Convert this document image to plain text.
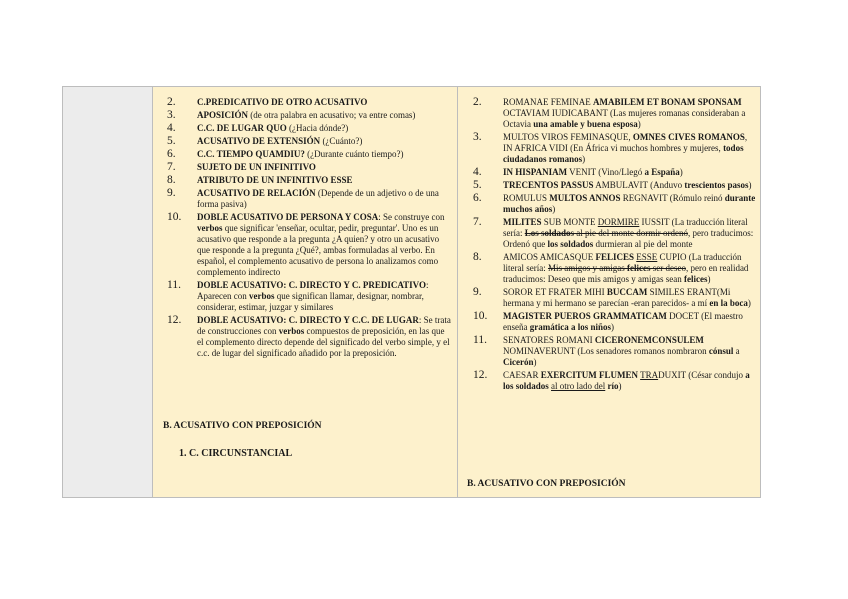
2.	C.PREDICATIVO DE OTRO ACUSATIVO
3.	APOSICIÓN (de otra palabra en acusativo; va entre comas)
4.	C.C. DE LUGAR QUO (¿Hacia dónde?)
5.	ACUSATIVO DE EXTENSIÓN (¿Cuánto?)
6.	C.C. TIEMPO QUAMDIU? (¿Durante cuánto tiempo?)
7.	SUJETO DE UN INFINITIVO
8.	ATRIBUTO DE UN INFINITIVO ESSE
9.	ACUSATIVO DE RELACIÓN (Depende de un adjetivo o de una forma pasiva)
10.	DOBLE ACUSATIVO DE PERSONA Y COSA: Se construye con verbos que significar 'enseñar, ocultar, pedir, preguntar'. Uno es un acusativo que responde a la pregunta ¿A quien? y otro un acusativo que responde a la pregunta ¿Qué?, ambas formuladas al verbo. En español, el complemento acusativo de persona lo analizamos como complemento indirecto
11.	DOBLE ACUSATIVO: C. DIRECTO Y C. PREDICATIVO: Aparecen con verbos que significan llamar, designar, nombrar, considerar, estimar, juzgar y similares
12.	DOBLE ACUSATIVO: C. DIRECTO Y C.C. DE LUGAR: Se trata de construcciones con verbos compuestos de preposición, en las que el complemento directo depende del significado del verbo simple, y el c.c. de lugar del significado añadido por la preposición.
B. ACUSATIVO CON PREPOSICIÓN
1. C. CIRCUNSTANCIAL
2.	ROMANAE FEMINAE AMABILEM ET BONAM SPONSAM OCTAVIAM IUDICABANT (Las mujeres romanas consideraban a Octavia una amable y buena esposa)
3.	MULTOS VIROS FEMINASQUE, OMNES CIVES ROMANOS, IN AFRICA VIDI (En África vi muchos hombres y mujeres, todos ciudadanos romanos)
4.	IN HISPANIAM VENIT (Vino/Llegó a España)
5.	TRECENTOS PASSUS AMBULAVIT (Anduvo trescientos pasos)
6.	ROMULUS MULTOS ANNOS REGNAVIT (Rómulo reinó durante muchos años)
7.	MILITES SUB MONTE DORMIRE IUSSIT (La traducción literal sería: Los soldados al pie del monte dormir ordenó, pero traducimos: Ordenó que los soldados durmieran al pie del monte
8.	AMICOS AMICASQUE FELICES ESSE CUPIO (La traducción literal sería: Mis amigos y amigas felices ser deseo, pero en realidad traducimos: Deseo que mis amigos y amigas sean felices)
9.	SOROR ET FRATER MIHI BUCCAM SIMILES ERANT(Mi hermana y mi hermano se parecían -eran parecidos- a mí en la boca)
10.	MAGISTER PUEROS GRAMMATICAM DOCET (El maestro enseña gramática a los niños)
11.	SENATORES ROMANI CICERONEMCONSULEM NOMINAVERUNT (Los senadores romanos nombraron cónsul a Cicerón)
12.	CAESAR EXERCITUM FLUMEN TRADUXIT (César condujo a los soldados al otro lado del río)
B. ACUSATIVO CON PREPOSICIÓN
